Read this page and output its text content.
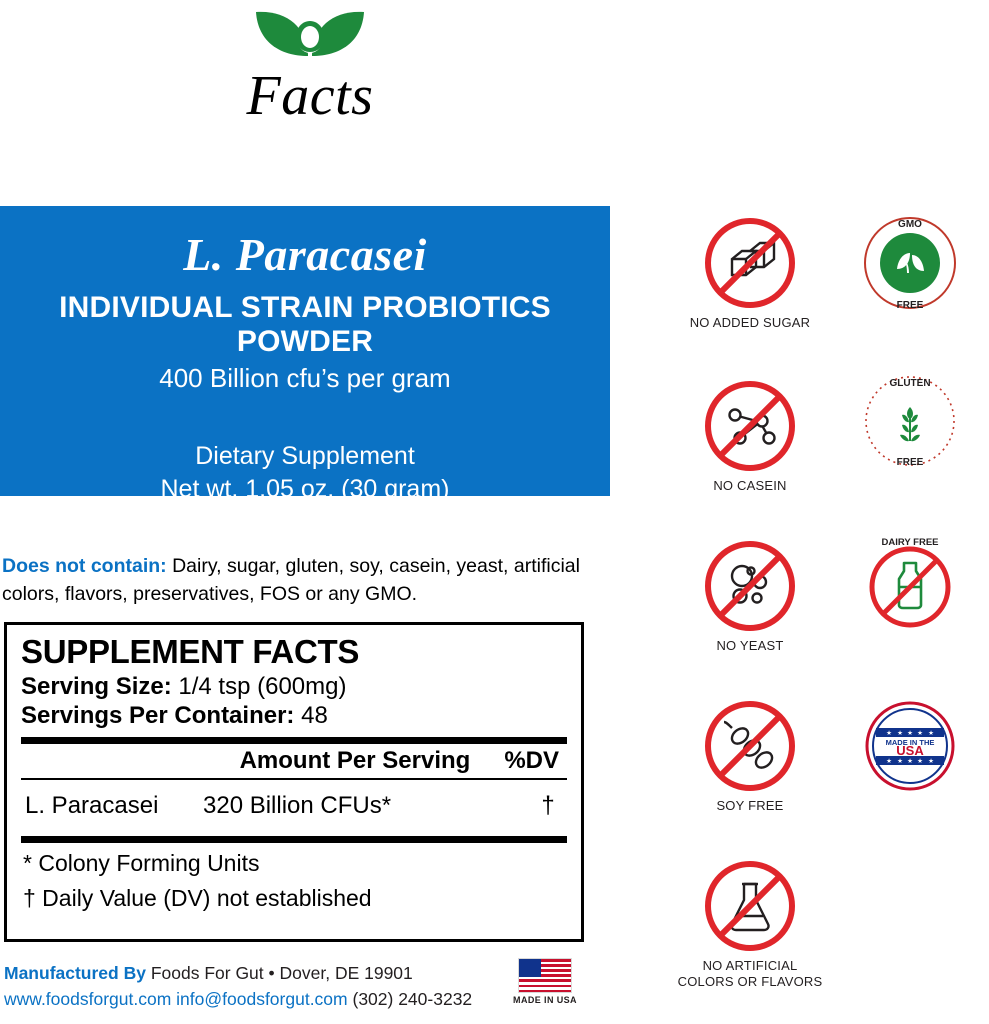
Facts
L. Paracasei
INDIVIDUAL STRAIN PROBIOTICS POWDER
400 Billion cfu’s per gram
Dietary Supplement
Net wt. 1.05 oz. (30 gram)
Does not contain: Dairy, sugar, gluten, soy, casein, yeast, artificial colors, flavors, preservatives, FOS or any GMO.
SUPPLEMENT FACTS
Serving Size: 1/4 tsp (600mg)
Servings Per Container: 48
Amount Per Serving %DV
L. Paracasei	320 Billion CFUs*	†
* Colony Forming Units
† Daily Value (DV) not established
Manufactured By Foods For Gut • Dover, DE 19901
www.foodsforgut.com info@foodsforgut.com (302) 240-3232	MADE IN USA
NO ADDED SUGAR
GMO
FREE
NO CASEIN
GLUTEN
FREE
NO YEAST
DAIRY FREE
SOY FREE
★ ★ ★ ★ ★
★ ★ ★ ★ ★
MADE IN THE
USA
NO ARTIFICIAL
COLORS OR FLAVORS
